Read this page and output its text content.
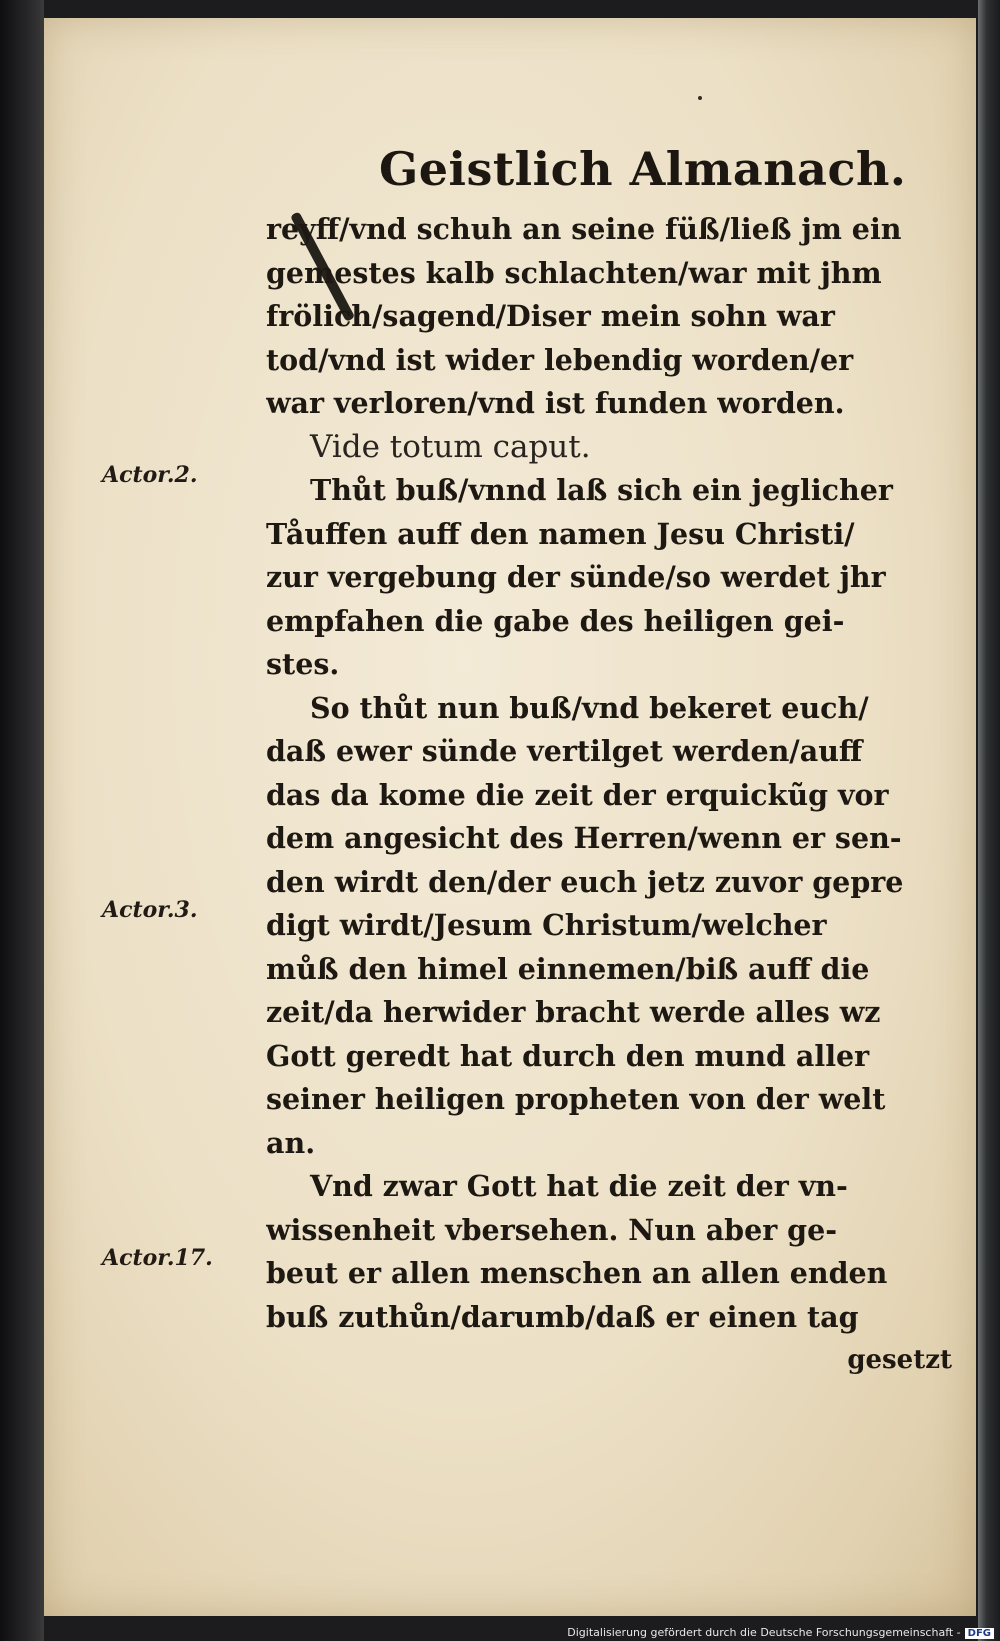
Geistlich Almanach.
reyff/vnd schuh an seine füß/ließ jm ein
gemestes kalb schlachten/war mit jhm
frölich/sagend/Diser mein sohn war
tod/vnd ist wider lebendig worden/er
war verloren/vnd ist funden worden.
Vide totum caput.
Thůt buß/vnnd laß sich ein jeglicher
Tåuffen auff den namen Jesu Christi/
zur vergebung der sünde/so werdet jhr
empfahen die gabe des heiligen gei-
stes.
So thůt nun buß/vnd bekeret euch/
daß ewer sünde vertilget werden/auff
das da kome die zeit der erquickũg vor
dem angesicht des Herren/wenn er sen-
den wirdt den/der euch jetz zuvor gepre
digt wirdt/Jesum Christum/welcher
můß den himel einnemen/biß auff die
zeit/da herwider bracht werde alles wz
Gott geredt hat durch den mund aller
seiner heiligen propheten von der welt
an.
Vnd zwar Gott hat die zeit der vn-
wissenheit vbersehen. Nun aber ge-
beut er allen menschen an allen enden
buß zuthůn/darumb/daß er einen tag
gesetzt
Actor.2.
Actor.3.
Actor.17.
Digitalisierung gefördert durch die Deutsche Forschungsgemeinschaft - DFG
